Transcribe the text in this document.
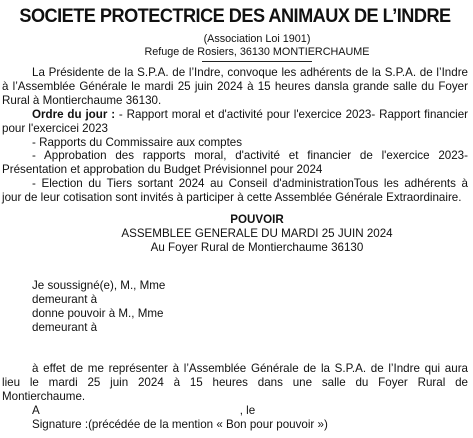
SOCIETE PROTECTRICE DES ANIMAUX DE L’INDRE
(Association Loi 1901)
Refuge de Rosiers, 36130 MONTIERCHAUME

La Présidente de la S.P.A. de l’Indre, convoque les adhérents de la S.P.A. de l’Indre

à l’Assemblée Générale le mardi 25 juin 2024 à 15 heures dansla grande salle du Foyer

Rural à Montierchaume 36130.

Ordre du jour : - Rapport moral et d'activité pour l'exercice 2023- Rapport financier

pour l'exercicei 2023

- Rapports du Commissaire aux comptes

- Approbation des rapports moral, d'activité et financier de l'exercice 2023-

Présentation et approbation du Budget Prévisionnel pour 2024

- Election du Tiers sortant 2024 au Conseil d'administrationTous les adhérents à

jour de leur cotisation sont invités à participer à cette Assemblée Générale Extraordinaire.

POUVOIR
ASSEMBLEE GENERALE DU MARDI 25 JUIN 2024
Au Foyer Rural de Montierchaume 36130

Je soussigné(e), M., Mme

demeurant à

donne pouvoir à M., Mme

demeurant à

à effet de me représenter à l’Assemblée Générale de la S.P.A. de l’Indre qui aura

lieu le mardi 25 juin 2024 à 15 heures dans une salle du Foyer Rural de

Montierchaume.

A	, le

Signature :(précédée de la mention « Bon pour pouvoir »)
